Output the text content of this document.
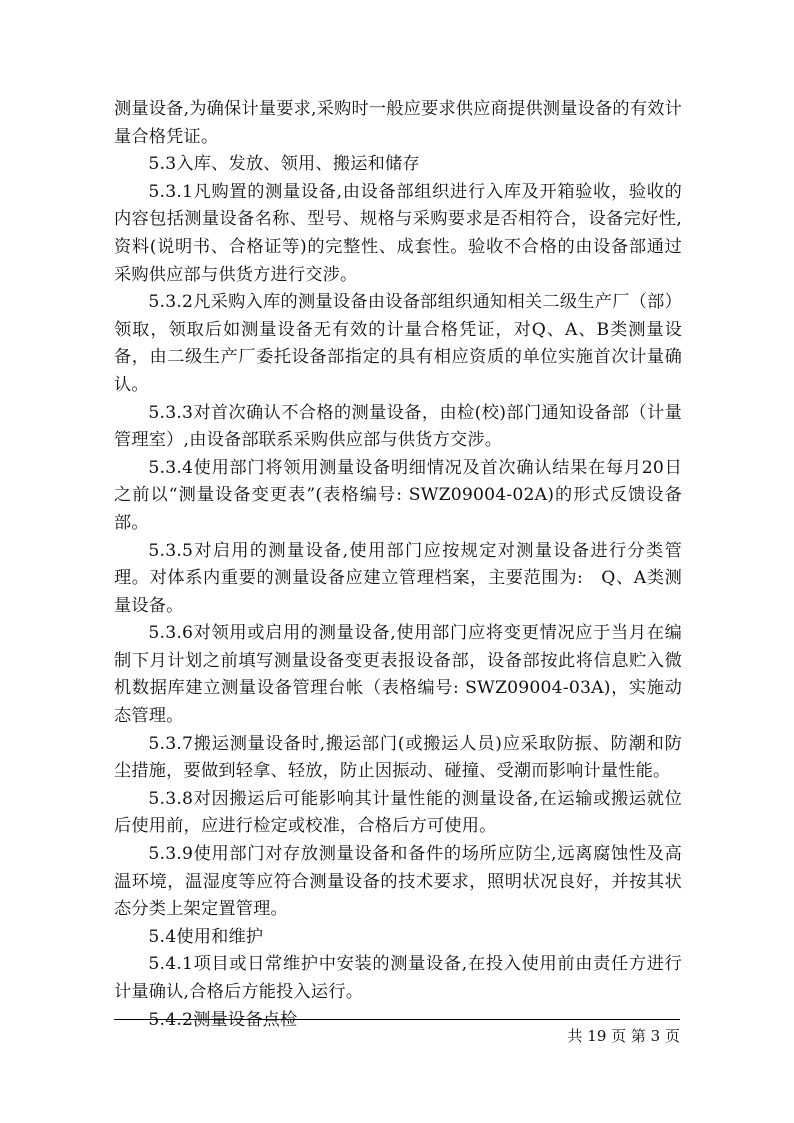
测量设备,为确保计量要求,采购时一般应要求供应商提供测量设备的有效计量合格凭证。

5.3入库、发放、领用、搬运和储存

5.3.1凡购置的测量设备,由设备部组织进行入库及开箱验收，验收的内容包括测量设备名称、型号、规格与采购要求是否相符合，设备完好性,资料(说明书、合格证等)的完整性、成套性。验收不合格的由设备部通过采购供应部与供货方进行交涉。

5.3.2凡采购入库的测量设备由设备部组织通知相关二级生产厂（部）领取，领取后如测量设备无有效的计量合格凭证，对Q、A、B类测量设备，由二级生产厂委托设备部指定的具有相应资质的单位实施首次计量确认。

5.3.3对首次确认不合格的测量设备，由检(校)部门通知设备部（计量管理室）,由设备部联系采购供应部与供货方交涉。

5.3.4使用部门将领用测量设备明细情况及首次确认结果在每月20日之前以“测量设备变更表”(表格编号: SWZ09004-02A)的形式反馈设备部。

5.3.5对启用的测量设备,使用部门应按规定对测量设备进行分类管理。对体系内重要的测量设备应建立管理档案，主要范围为:　Q、A类测量设备。

5.3.6对领用或启用的测量设备,使用部门应将变更情况应于当月在编制下月计划之前填写测量设备变更表报设备部，设备部按此将信息贮入微机数据库建立测量设备管理台帐（表格编号: SWZ09004-03A)，实施动态管理。

5.3.7搬运测量设备时,搬运部门(或搬运人员)应采取防振、防潮和防尘措施，要做到轻拿、轻放，防止因振动、碰撞、受潮而影响计量性能。

5.3.8对因搬运后可能影响其计量性能的测量设备,在运输或搬运就位后使用前，应进行检定或校准，合格后方可使用。

5.3.9使用部门对存放测量设备和备件的场所应防尘,远离腐蚀性及高温环境，温湿度等应符合测量设备的技术要求，照明状况良好，并按其状态分类上架定置管理。

5.4使用和维护

5.4.1项目或日常维护中安装的测量设备,在投入使用前由责任方进行计量确认,合格后方能投入运行。

5.4.2测量设备点检

共 19 页 第 3 页
